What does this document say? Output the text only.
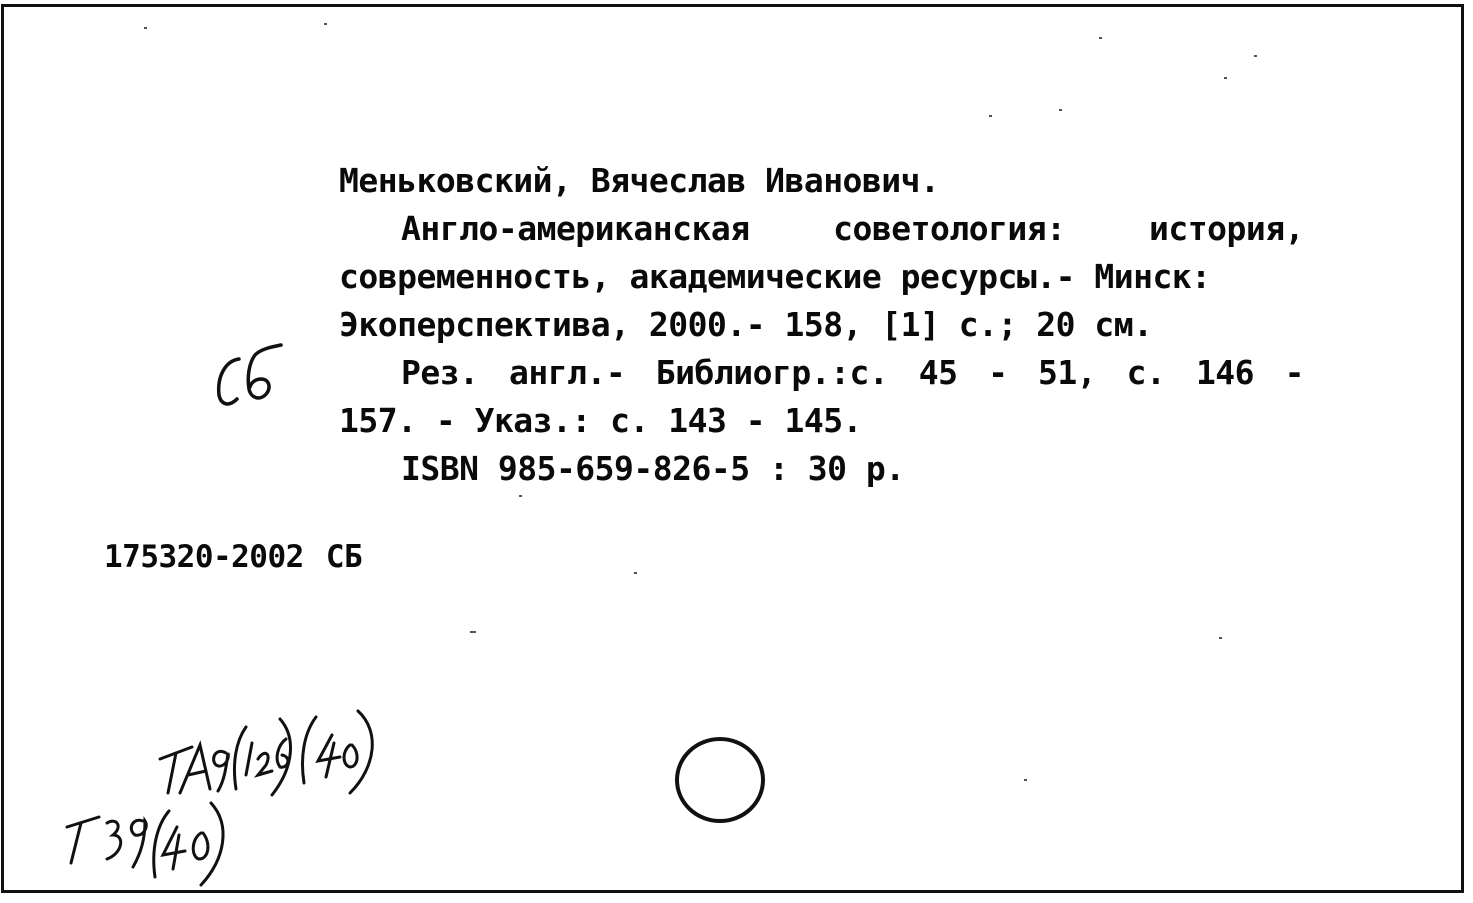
Меньковский, Вячеслав Иванович.
Англо-американская	советология:	история,
современность, академические ресурсы.- Минск:
Экоперспектива, 2000.- 158, [1] с.; 20 см.
Рез. англ.- Библиогр.:с. 45 - 51, с. 146 -
157. - Указ.: с. 143 - 145.
ISBN 985-659-826-5 : 30 р.
175320-2002 СБ
